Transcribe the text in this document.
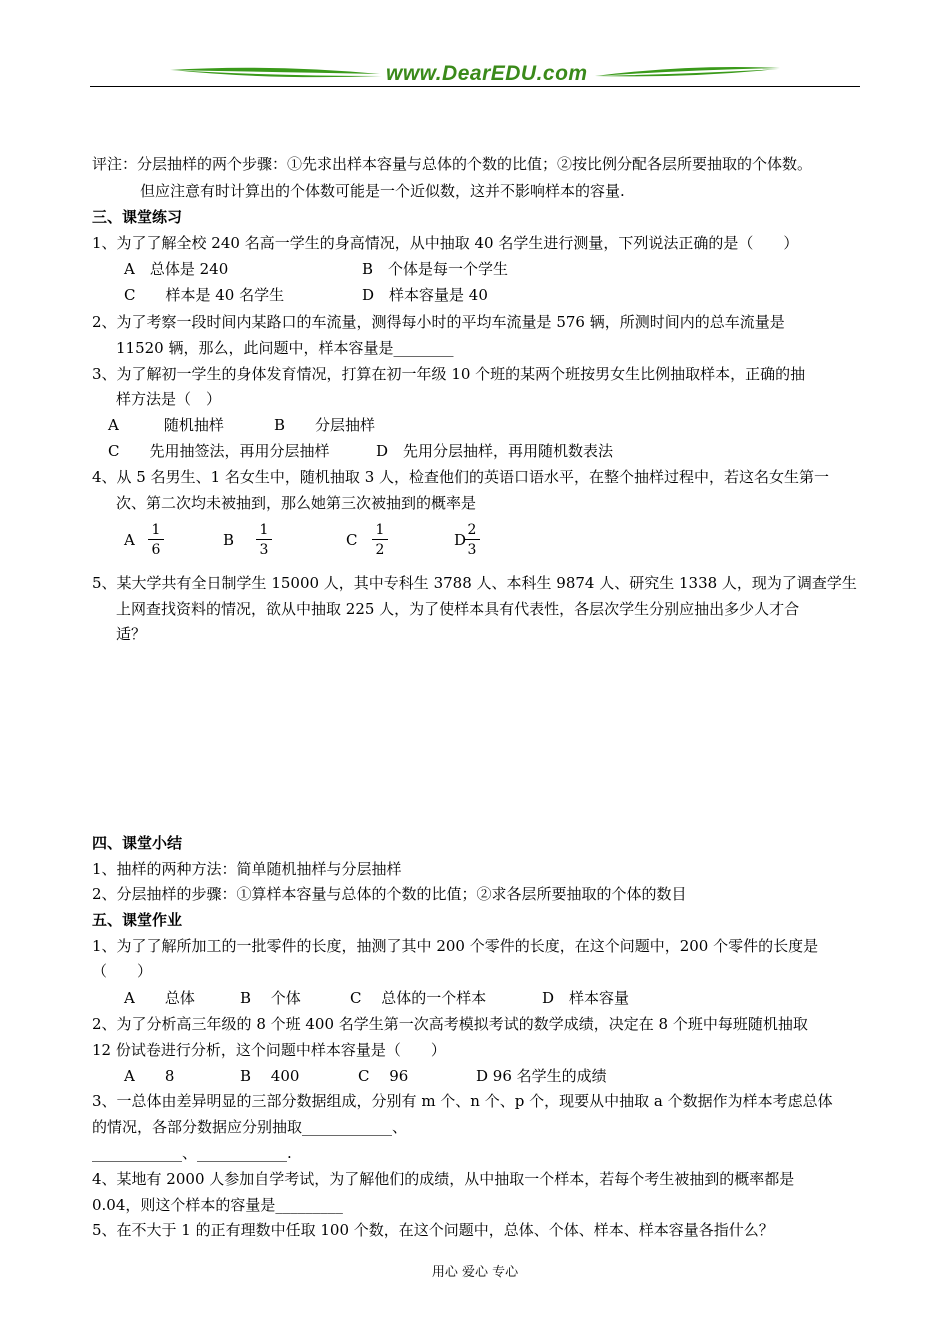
www.DearEDU.com
评注：分层抽样的两个步骤：①先求出样本容量与总体的个数的比值；②按比例分配各层所要抽取的个体数。
但应注意有时计算出的个体数可能是一个近似数，这并不影响样本的容量.
三、课堂练习
1、为了了解全校 240 名高一学生的身高情况，从中抽取 40 名学生进行测量，下列说法正确的是（　　）
A　总体是 240	B　个体是每一个学生
C　　样本是 40 名学生	D　样本容量是 40
2、为了考察一段时间内某路口的车流量，测得每小时的平均车流量是 576 辆，所测时间内的总车流量是
11520 辆，那么，此问题中，样本容量是________
3、为了解初一学生的身体发育情况，打算在初一年级 10 个班的某两个班按男女生比例抽取样本，正确的抽
样方法是（　）
A　　　随机抽样	B　　分层抽样
C　　先用抽签法，再用分层抽样	D　先用分层抽样，再用随机数表法
4、从 5 名男生、1 名女生中，随机抽取 3 人，检查他们的英语口语水平，在整个抽样过程中，若这名女生第一
次、第二次均未被抽到，那么她第三次被抽到的概率是
A $\frac{1}{6}$	B $\frac{1}{3}$	C $\frac{1}{2}$	D
$\frac{2}{3}$
5、某大学共有全日制学生 15000 人，其中专科生 3788 人、本科生 9874 人、研究生 1338 人，现为了调查学生
上网查找资料的情况，欲从中抽取 225 人，为了使样本具有代表性，各层次学生分别应抽出多少人才合
适？
四、课堂小结
1、抽样的两种方法：简单随机抽样与分层抽样
2、分层抽样的步骤：①算样本容量与总体的个数的比值；②求各层所要抽取的个体的数目
五、课堂作业
1、为了了解所加工的一批零件的长度，抽测了其中 200 个零件的长度，在这个问题中，200 个零件的长度是
（　　）
A　　总体	B　 个体	C　 总体的一个样本	D　样本容量
2、为了分析高三年级的 8 个班 400 名学生第一次高考模拟考试的数学成绩，决定在 8 个班中每班随机抽取
12 份试卷进行分析，这个问题中样本容量是（　　）
A　　8	B　 400	C　 96	D 96 名学生的成绩
3、一总体由差异明显的三部分数据组成，分别有 m 个、n 个、p 个，现要从中抽取 a 个数据作为样本考虑总体
的情况，各部分数据应分别抽取____________、
____________、____________.
4、某地有 2000 人参加自学考试，为了解他们的成绩，从中抽取一个样本，若每个考生被抽到的概率都是
0.04，则这个样本的容量是_________
5、在不大于 1 的正有理数中任取 100 个数，在这个问题中，总体、个体、样本、样本容量各指什么？
用心 爱心 专心
